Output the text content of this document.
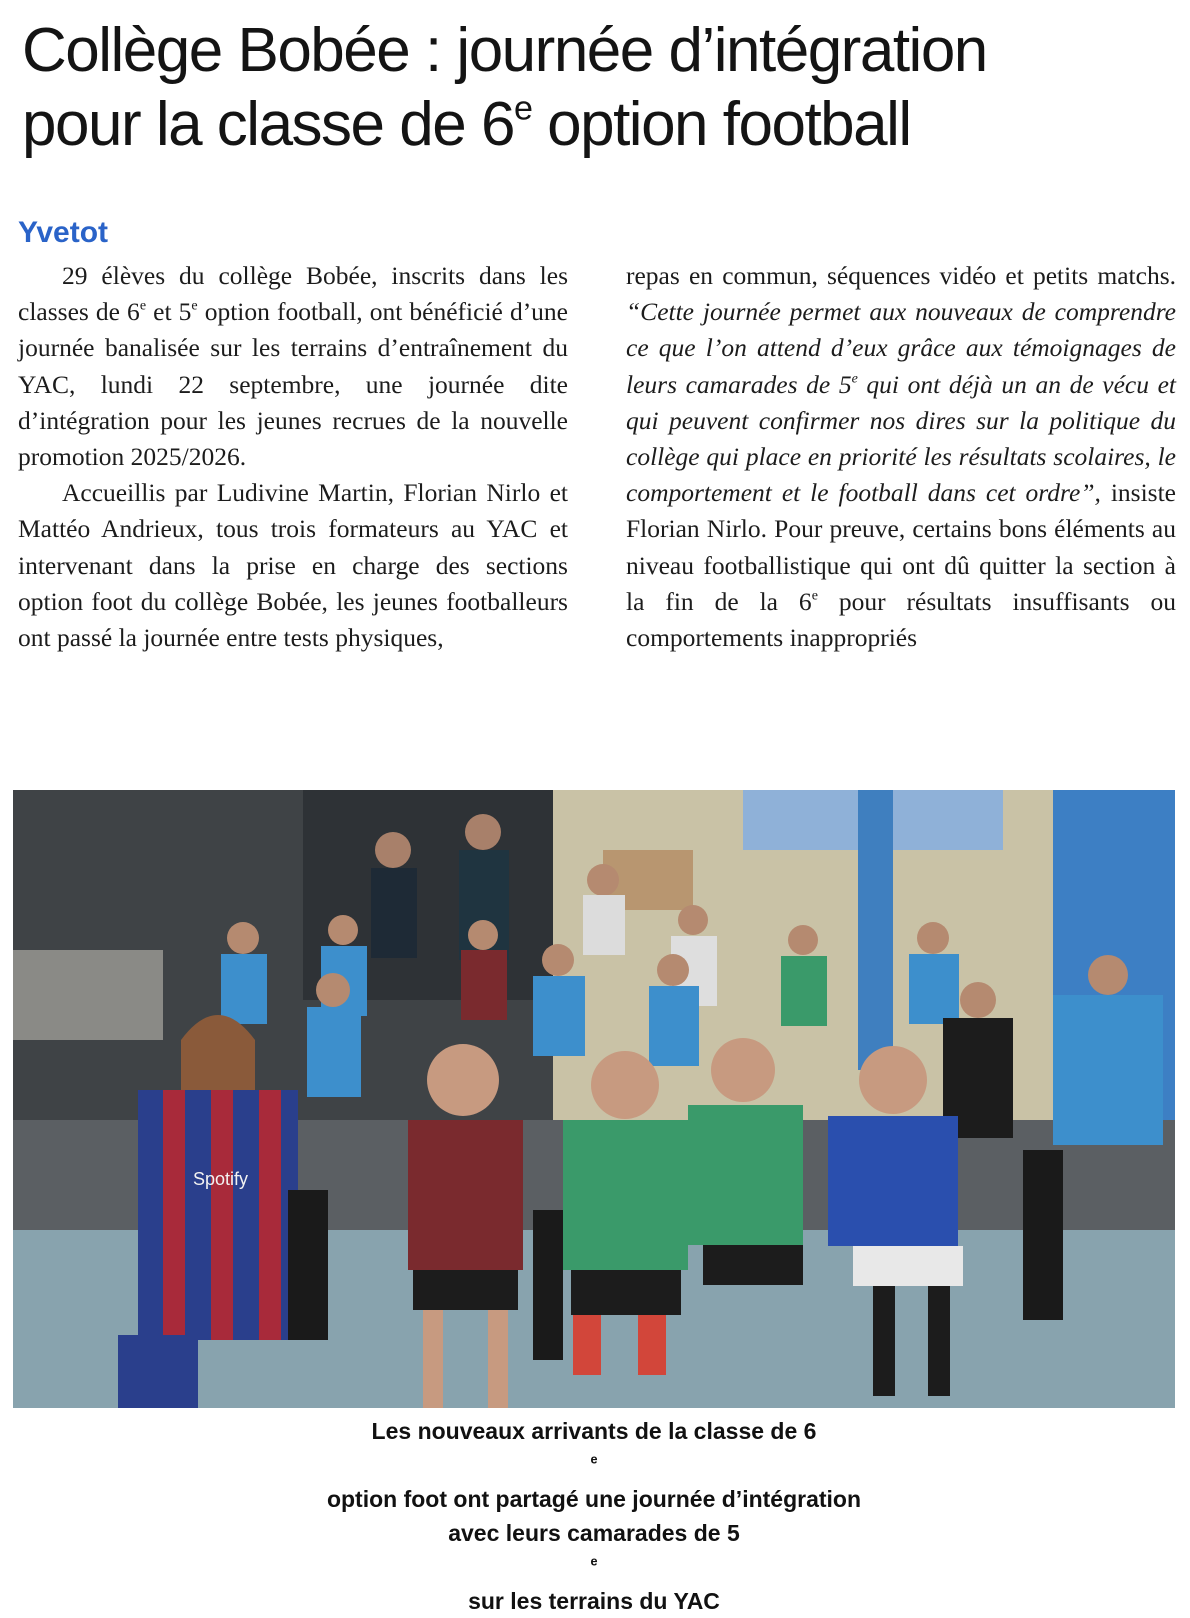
Collège Bobée : journée d’intégration
pour la classe de 6e option football
Yvetot

29 élèves du collège Bobée, inscrits dans les classes de 6e et 5e option football, ont bénéficié d’une journée banalisée sur les terrains d’entraînement du YAC, lundi 22 septembre, une journée dite d’intégration pour les jeunes recrues de la nouvelle promotion 2025/2026.

Accueillis par Ludivine Martin, Florian Nirlo et Mattéo Andrieux, tous trois formateurs au YAC et intervenant dans la prise en charge des sections option foot du collège Bobée, les jeunes footballeurs ont passé la journée entre tests physiques,

repas en commun, séquences vidéo et petits matchs. “Cette journée permet aux nouveaux de comprendre ce que l’on attend d’eux grâce aux témoignages de leurs camarades de 5e qui ont déjà un an de vécu et qui peuvent confirmer nos dires sur la politique du collège qui place en priorité les résultats scolaires, le comportement et le football dans cet ordre”, insiste Florian Nirlo. Pour preuve, certains bons éléments au niveau footballistique qui ont dû quitter la section à la fin de la 6e pour résultats insuffisants ou comportements inappropriés

Spotify
Les nouveaux arrivants de la classe de 6
$^e$
option foot ont partagé une journée d’intégration
avec leurs camarades de 5
$^e$
sur les terrains du YAC
